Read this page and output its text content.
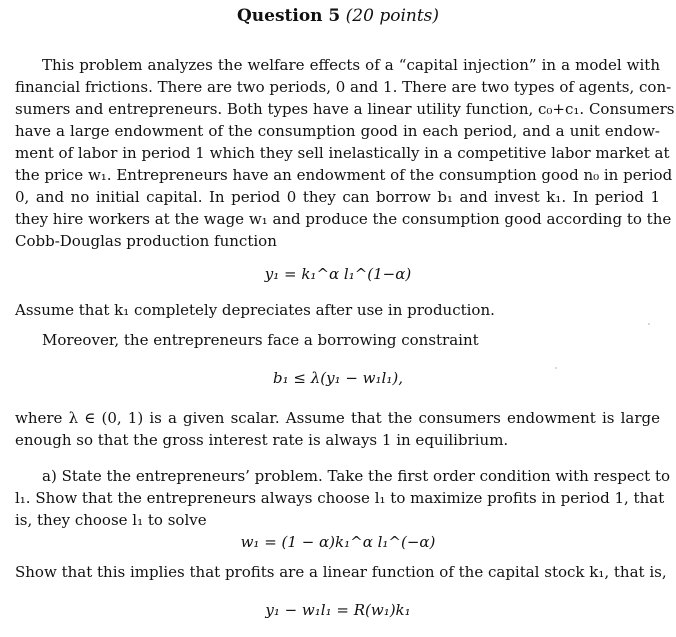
Question 5 (20 points)
This problem analyzes the welfare effects of a “capital injection” in a model with
financial frictions. There are two periods, 0 and 1. There are two types of agents, con-
sumers and entrepreneurs. Both types have a linear utility function, c₀+c₁. Consumers
have a large endowment of the consumption good in each period, and a unit endow-
ment of labor in period 1 which they sell inelastically in a competitive labor market at
the price w₁. Entrepreneurs have an endowment of the consumption good n₀ in period
0, and no initial capital. In period 0 they can borrow b₁ and invest k₁. In period 1
they hire workers at the wage w₁ and produce the consumption good according to the
Cobb-Douglas production function
y₁ = k₁^α l₁^(1−α)
Assume that k₁ completely depreciates after use in production.
Moreover, the entrepreneurs face a borrowing constraint
b₁ ≤ λ(y₁ − w₁l₁),
where λ ∈ (0, 1) is a given scalar. Assume that the consumers endowment is large
enough so that the gross interest rate is always 1 in equilibrium.
a) State the entrepreneurs’ problem. Take the first order condition with respect to
l₁. Show that the entrepreneurs always choose l₁ to maximize profits in period 1, that
is, they choose l₁ to solve
w₁ = (1 − α)k₁^α l₁^(−α)
Show that this implies that profits are a linear function of the capital stock k₁, that is,
y₁ − w₁l₁ = R(w₁)k₁
